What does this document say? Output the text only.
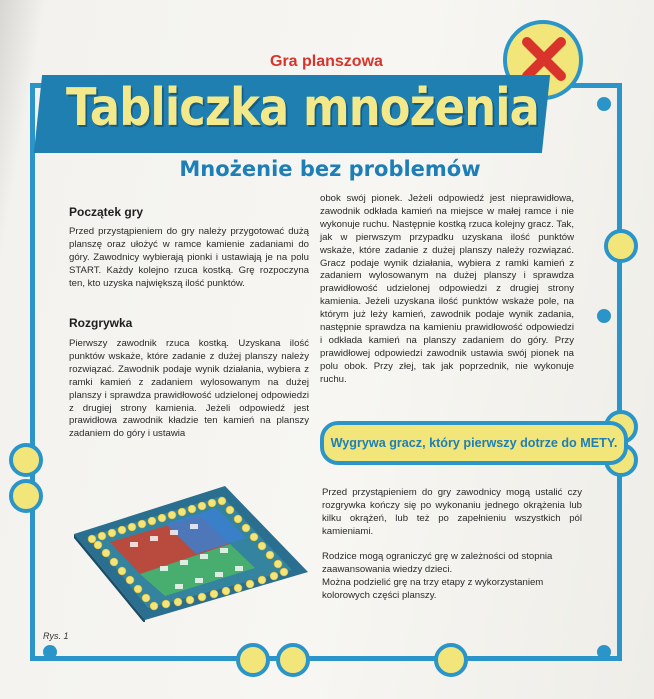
Gra planszowa
Tabliczka mnożenia
Mnożenie bez problemów
Początek gry
Przed przystąpieniem do gry należy przygotować dużą planszę oraz ułożyć w ramce kamienie zadaniami do góry. Zawodnicy wybierają pionki i ustawiają je na polu START. Każdy kolejno rzuca kostką. Grę rozpoczyna ten, kto uzyska największą ilość punktów.
Rozgrywka
Pierwszy zawodnik rzuca kostką. Uzyskana ilość punktów wskaże, które zadanie z dużej planszy należy rozwiązać. Zawodnik podaje wynik działania, wybiera z ramki kamień z zadaniem wylosowanym na dużej planszy i sprawdza prawidłowość udzielonej odpowiedzi z drugiej strony kamienia. Jeżeli odpowiedź jest prawidłowa zawodnik kładzie ten kamień na planszy zadaniem do góry i ustawia
obok swój pionek. Jeżeli odpowiedź jest nieprawidłowa, zawodnik odkłada kamień na miejsce w małej ramce i nie wykonuje ruchu. Następnie kostką rzuca kolejny gracz. Tak, jak w pierwszym przypadku uzyskana ilość punktów wskaże, które zadanie z dużej planszy należy rozwiązać. Gracz podaje wynik działania, wybiera z ramki kamień z zadaniem wylosowanym na dużej planszy i sprawdza prawidłowość udzielonej odpowiedzi z drugiej strony kamienia. Jeżeli uzyskana ilość punktów wskaże pole, na którym już leży kamień, zawodnik podaje wynik zadania, następnie sprawdza na kamieniu prawidłowość odpowiedzi i odkłada kamień na planszy zadaniem do góry. Przy prawidłowej odpowiedzi zawodnik ustawia swój pionek na polu obok. Przy złej, tak jak poprzednik, nie wykonuje ruchu.
Wygrywa gracz, który pierwszy dotrze do METY.
Przed przystąpieniem do gry zawodnicy mogą ustalić czy rozgrywka kończy się po wykonaniu jednego okrążenia lub kilku okrążeń, lub też po zapełnieniu wszystkich pól kamieniami.
Rodzice mogą ograniczyć grę w zależności od stopnia zaawansowania wiedzy dzieci.
Można podzielić grę na trzy etapy z wykorzystaniem kolorowych części planszy.
Rys. 1
